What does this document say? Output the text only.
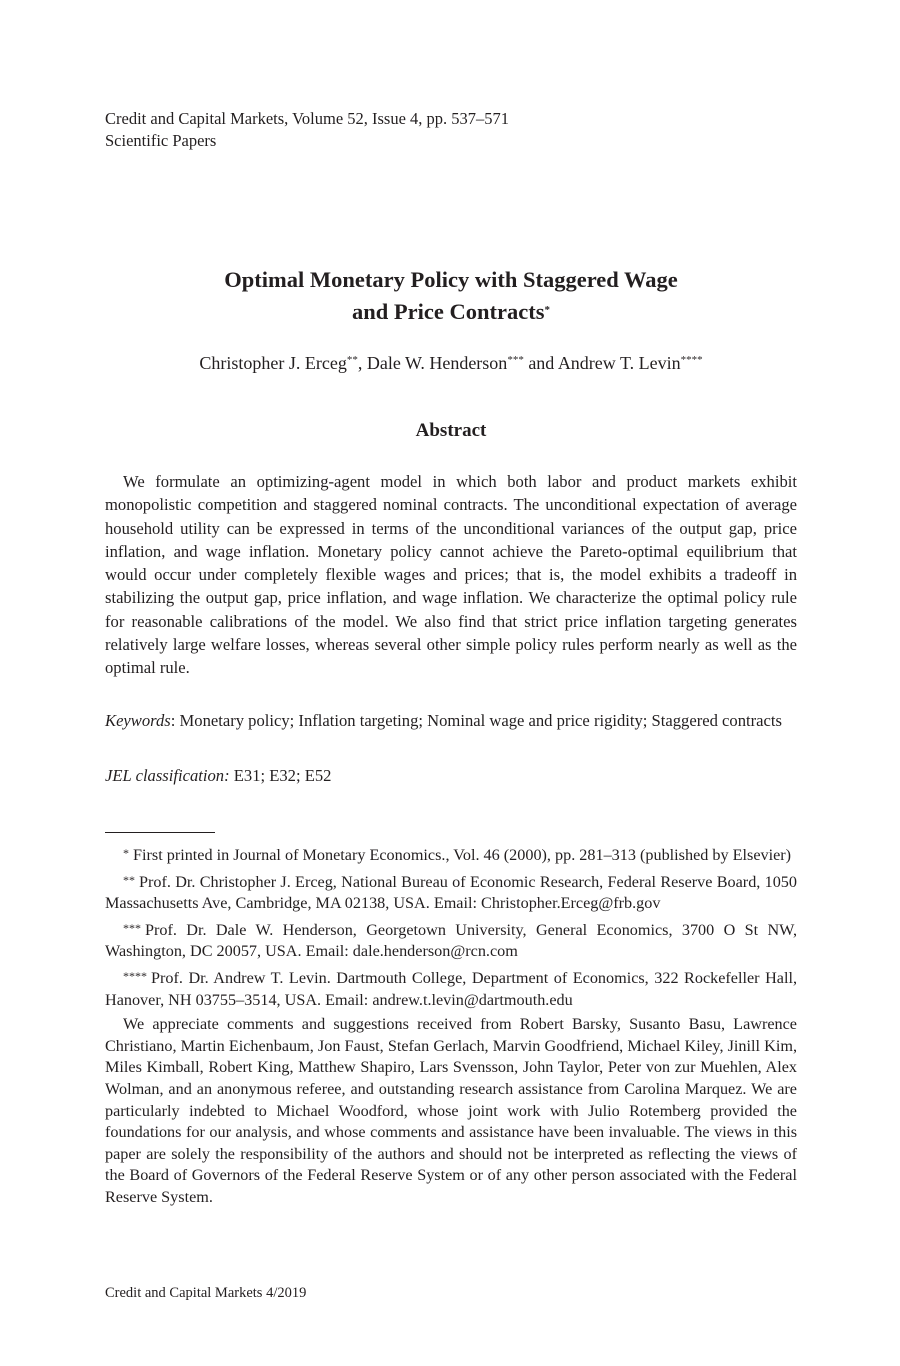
Credit and Capital Markets, Volume 52, Issue 4, pp. 537–571
Scientific Papers
Optimal Monetary Policy with Staggered Wage
and Price Contracts*
Christopher J. Erceg**, Dale W. Henderson*** and Andrew T. Levin****
Abstract

We formulate an optimizing-agent model in which both labor and product markets exhibit monopolistic competition and staggered nominal contracts. The unconditional expectation of average household utility can be expressed in terms of the unconditional variances of the output gap, price inflation, and wage inflation. Monetary policy cannot achieve the Pareto-optimal equilibrium that would occur under completely flexible wages and prices; that is, the model exhibits a tradeoff in stabilizing the output gap, price inflation, and wage inflation. We characterize the optimal policy rule for reasonable calibrations of the model. We also find that strict price inflation targeting generates relatively large welfare losses, whereas several other simple policy rules perform nearly as well as the optimal rule.

Keywords: Monetary policy; Inflation targeting; Nominal wage and price rigidity; Staggered contracts

JEL classification: E31; E32; E52

* First printed in Journal of Monetary Economics., Vol. 46 (2000), pp. 281–313 (published by Elsevier)

** Prof. Dr. Christopher J. Erceg, National Bureau of Economic Research, Federal Reserve Board, 1050 Massachusetts Ave, Cambridge, MA 02138, USA. Email: Christopher.Erceg@frb.gov

*** Prof. Dr. Dale W. Henderson, Georgetown University, General Economics, 3700 O St NW, Washington, DC 20057, USA. Email: dale.henderson@rcn.com

**** Prof. Dr. Andrew T. Levin. Dartmouth College, Department of Economics, 322 Rockefeller Hall, Hanover, NH 03755–3514, USA. Email: andrew.t.levin@dartmouth.edu

We appreciate comments and suggestions received from Robert Barsky, Susanto Basu, Lawrence Christiano, Martin Eichenbaum, Jon Faust, Stefan Gerlach, Marvin Goodfriend, Michael Kiley, Jinill Kim, Miles Kimball, Robert King, Matthew Shapiro, Lars Svensson, John Taylor, Peter von zur Muehlen, Alex Wolman, and an anonymous referee, and outstanding research assistance from Carolina Marquez. We are particularly indebted to Michael Woodford, whose joint work with Julio Rotemberg provided the foundations for our analysis, and whose comments and assistance have been invaluable. The views in this paper are solely the responsibility of the authors and should not be interpreted as reflecting the views of the Board of Governors of the Federal Reserve System or of any other person associated with the Federal Reserve System.

Credit and Capital Markets 4/2019
